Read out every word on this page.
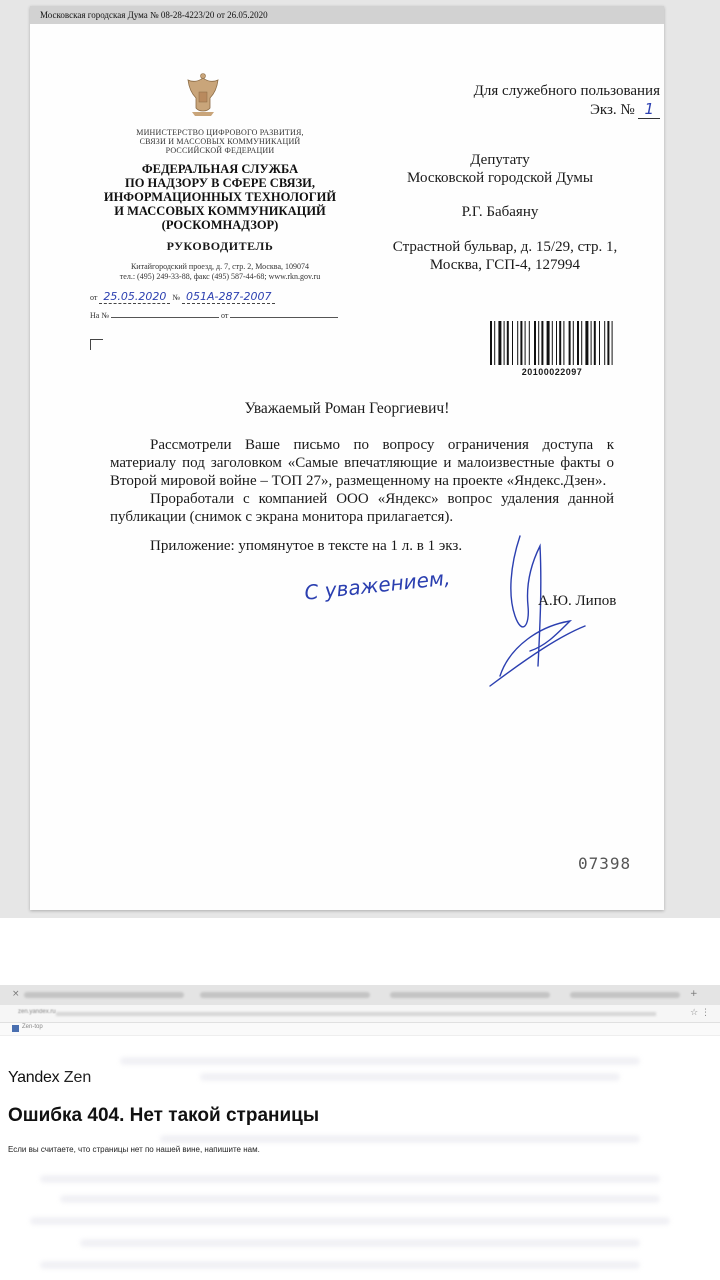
Московская городская Дума № 08-28-4223/20 от 26.05.2020
МИНИСТЕРСТВО ЦИФРОВОГО РАЗВИТИЯ,
СВЯЗИ И МАССОВЫХ КОММУНИКАЦИЙ
РОССИЙСКОЙ ФЕДЕРАЦИИ
ФЕДЕРАЛЬНАЯ СЛУЖБА
ПО НАДЗОРУ В СФЕРЕ СВЯЗИ,
ИНФОРМАЦИОННЫХ ТЕХНОЛОГИЙ
И МАССОВЫХ КОММУНИКАЦИЙ
(РОСКОМНАДЗОР)
РУКОВОДИТЕЛЬ
Китайгородский проезд, д. 7, стр. 2, Москва, 109074
тел.: (495) 249-33-88, факс (495) 587-44-68; www.rkn.gov.ru
от 25.05.2020 № 051А-287-2007
На №	от
Для служебного пользования
Экз. № 1
Депутату
Московской городской Думы
Р.Г. Бабаяну
Страстной бульвар, д. 15/29, стр. 1,
Москва, ГСП-4, 127994
20100022097
Уважаемый Роман Георгиевич!
Рассмотрели Ваше письмо по вопросу ограничения доступа к материалу под заголовком «Самые впечатляющие и малоизвестные факты о Второй мировой войне – ТОП 27», размещенному на проекте «Яндекс.Дзен».
Проработали с компанией ООО «Яндекс» вопрос удаления данной публикации (снимок с экрана монитора прилагается).
Приложение: упомянутое в тексте на 1 л. в 1 экз.
С уважением,	А.Ю. Липов
07398
×	+
zen.yandex.ru	☆ ⋮
Zen-top
Yandex Zen
Ошибка 404. Нет такой страницы
Если вы считаете, что страницы нет по нашей вине, напишите нам.
